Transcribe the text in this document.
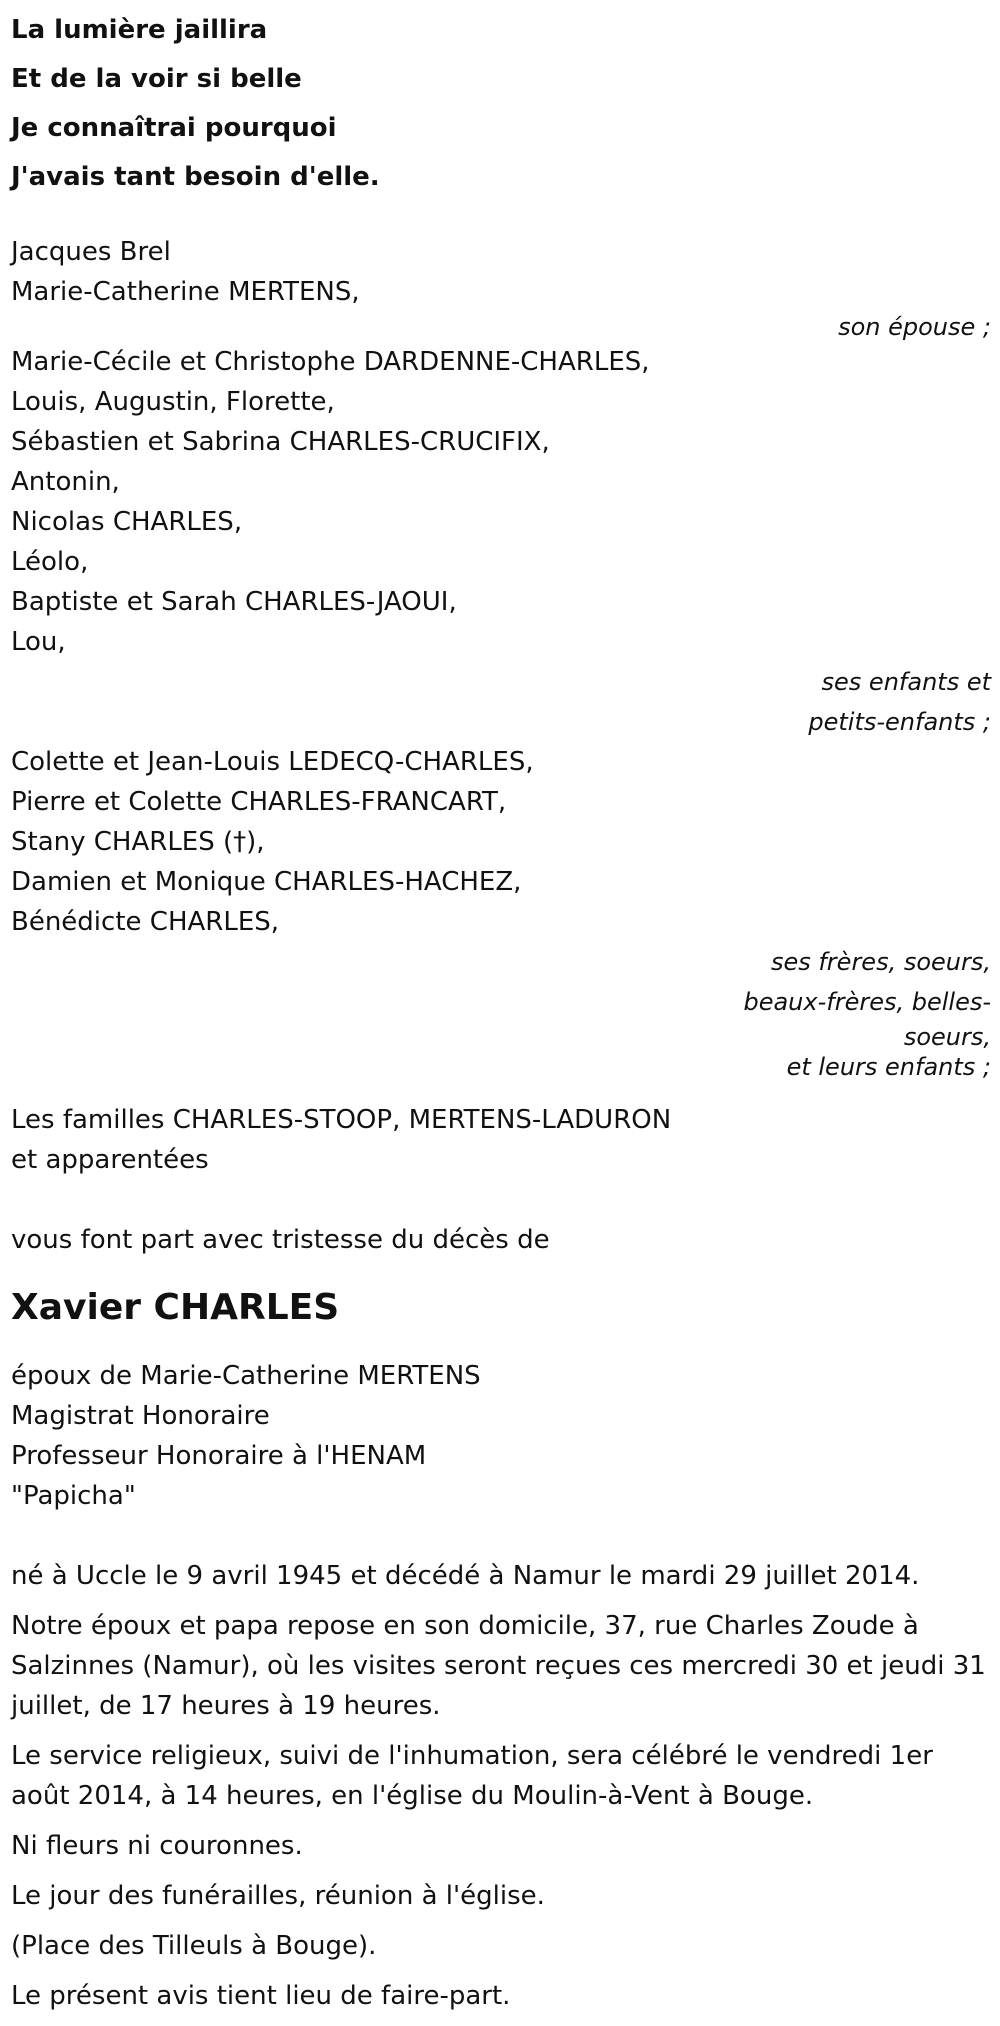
La lumière jaillira

Et de la voir si belle

Je connaîtrai pourquoi

J'avais tant besoin d'elle.

Jacques Brel

Marie-Catherine MERTENS,

son épouse ;

Marie-Cécile et Christophe DARDENNE-CHARLES,

Louis, Augustin, Florette,

Sébastien et Sabrina CHARLES-CRUCIFIX,

Antonin,

Nicolas CHARLES,

Léolo,

Baptiste et Sarah CHARLES-JAOUI,

Lou,

ses enfants et

petits-enfants ;

Colette et Jean-Louis LEDECQ-CHARLES,

Pierre et Colette CHARLES-FRANCART,

Stany CHARLES (†),

Damien et Monique CHARLES-HACHEZ,

Bénédicte CHARLES,

ses frères, soeurs,

beaux-frères, belles-

soeurs,

et leurs enfants ;

Les familles CHARLES-STOOP, MERTENS-LADURON

et apparentées

vous font part avec tristesse du décès de

Xavier CHARLES

époux de Marie-Catherine MERTENS

Magistrat Honoraire

Professeur Honoraire à l'HENAM

"Papicha"

né à Uccle le 9 avril 1945 et décédé à Namur le mardi 29 juillet 2014.

Notre époux et papa repose en son domicile, 37, rue Charles Zoude à Salzinnes (Namur), où les visites seront reçues ces mercredi 30 et jeudi 31 juillet, de 17 heures à 19 heures.

Le service religieux, suivi de l'inhumation, sera célébré le vendredi 1er août 2014, à 14 heures, en l'église du Moulin-à-Vent à Bouge.

Ni fleurs ni couronnes.

Le jour des funérailles, réunion à l'église.

(Place des Tilleuls à Bouge).

Le présent avis tient lieu de faire-part.
